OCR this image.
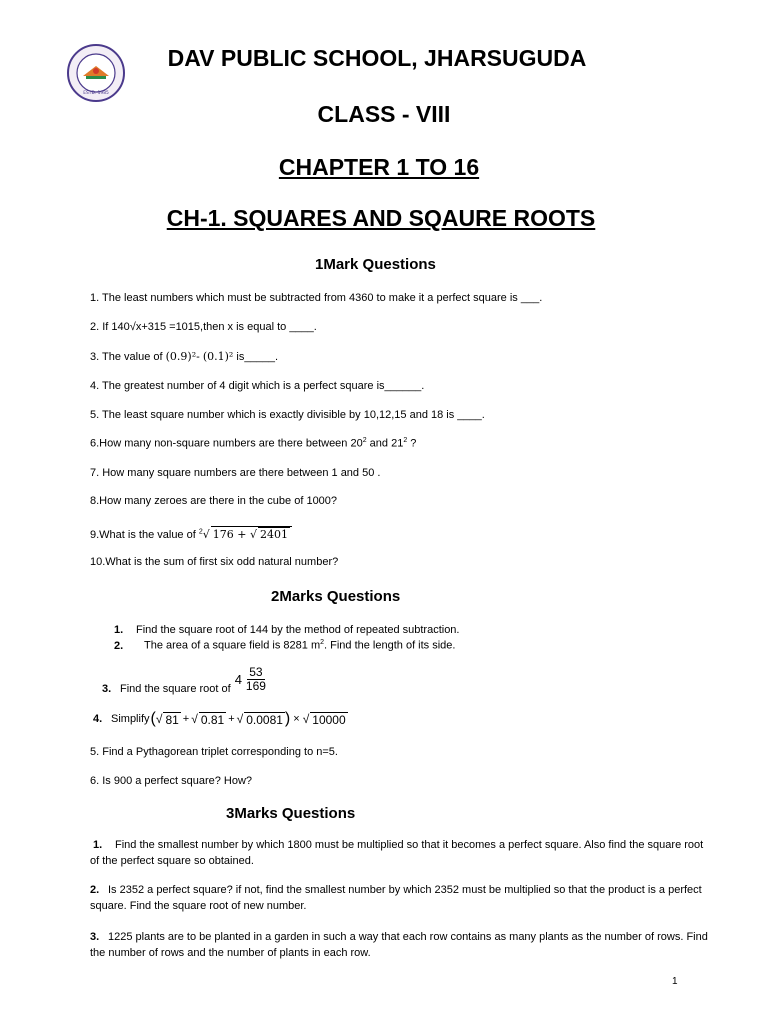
ESTD. 1985
DAV PUBLIC SCHOOL, JHARSUGUDA
CLASS - VIII
CHAPTER 1 TO 16
CH-1. SQUARES AND SQAURE ROOTS
1Mark Questions
1. The least numbers which must be subtracted from 4360 to make it a perfect square is ___.
2. If 140√x+315 =1015,then x is equal to ____.
3. The value of (0.9)²- (0.1)² is_____.
4. The greatest number of 4 digit which is a perfect square is______.
5. The least square number which is exactly divisible by 10,12,15 and 18 is ____.
6.How many non-square numbers are there between $20^2$ and $21^2$ ?
7. How many square numbers are there between 1 and 50 .
8.How many zeroes are there in the cube of 1000?
9.What is the value of $^2$√ 176 + √ 2401
10.What is the sum of first six odd natural number?
2Marks Questions
1. Find the square root of 144 by the method of repeated subtraction.
2. The area of a square field is 8281 $m^2$. Find the length of its side.
3. Find the square root of
$4 \frac{53}{169}$
4. Simplify ( √ 81 + √ 0.81 + √ 0.0081 ) × √ 10000
5. Find a Pythagorean triplet corresponding to n=5.
6. Is 900 a perfect square? How?
3Marks Questions
1. Find the smallest number by which 1800 must be multiplied so that it becomes a perfect square. Also find the square root of the perfect square so obtained.
2. Is 2352 a perfect square? if not, find the smallest number by which 2352 must be multiplied so that the product is a perfect square. Find the square root of new number.
3. 1225 plants are to be planted in a garden in such a way that each row contains as many plants as the number of rows. Find the number of rows and the number of plants in each row.
1
